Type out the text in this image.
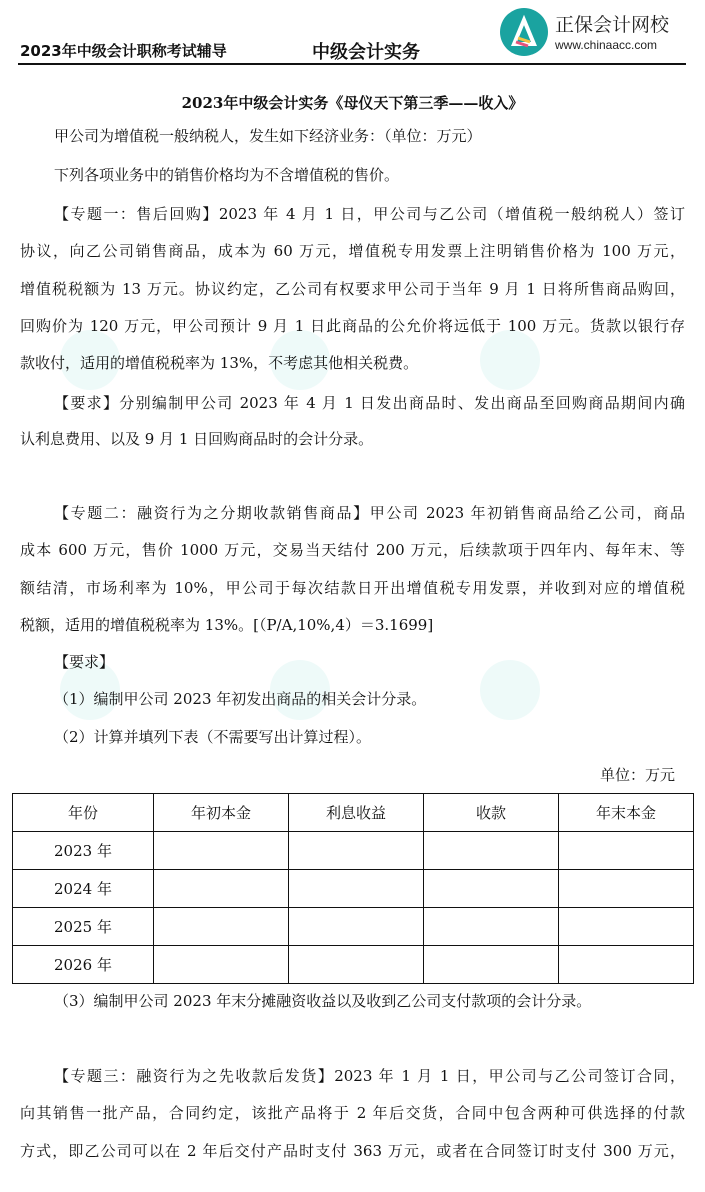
2023年中级会计职称考试辅导	中级会计实务
正保会计网校
www.chinaacc.com
2023年中级会计实务《母仪天下第三季——收入》
甲公司为增值税一般纳税人，发生如下经济业务：（单位：万元）
下列各项业务中的销售价格均为不含增值税的售价。
【专题一：售后回购】2023 年 4 月 1 日，甲公司与乙公司（增值税一般纳税人）签订
协议，向乙公司销售商品，成本为 60 万元，增值税专用发票上注明销售价格为 100 万元，
增值税税额为 13 万元。协议约定，乙公司有权要求甲公司于当年 9 月 1 日将所售商品购回，
回购价为 120 万元，甲公司预计 9 月 1 日此商品的公允价将远低于 100 万元。货款以银行存
款收付，适用的增值税税率为 13%，不考虑其他相关税费。
【要求】分别编制甲公司 2023 年 4 月 1 日发出商品时、发出商品至回购商品期间内确
认利息费用、以及 9 月 1 日回购商品时的会计分录。
【专题二：融资行为之分期收款销售商品】甲公司 2023 年初销售商品给乙公司，商品
成本 600 万元，售价 1000 万元，交易当天结付 200 万元，后续款项于四年内、每年末、等
额结清，市场利率为 10%，甲公司于每次结款日开出增值税专用发票，并收到对应的增值税
税额，适用的增值税税率为 13%。[（P/A,10%,4）＝3.1699]
【要求】
（1）编制甲公司 2023 年初发出商品的相关会计分录。
（2）计算并填列下表（不需要写出计算过程）。
单位：万元
年份	年初本金	利息收益	收款	年末本金
2023 年				
2024 年				
2025 年				
2026 年				
（3）编制甲公司 2023 年末分摊融资收益以及收到乙公司支付款项的会计分录。
【专题三：融资行为之先收款后发货】2023 年 1 月 1 日，甲公司与乙公司签订合同，
向其销售一批产品，合同约定，该批产品将于 2 年后交货，合同中包含两种可供选择的付款
方式，即乙公司可以在 2 年后交付产品时支付 363 万元，或者在合同签订时支付 300 万元，
